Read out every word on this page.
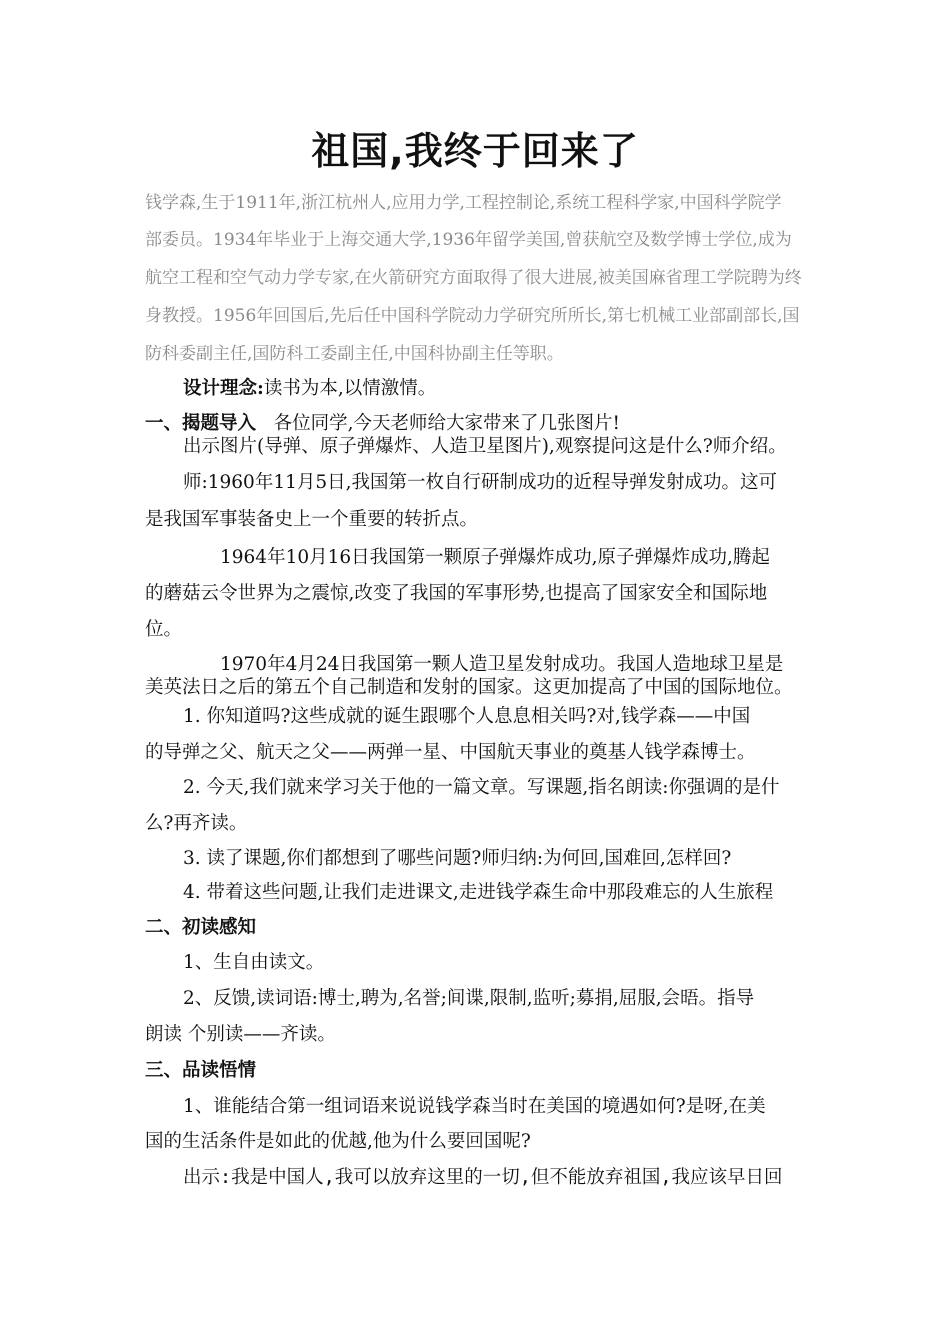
祖国,我终于回来了
钱学森,生于1911年,浙江杭州人,应用力学,工程控制论,系统工程科学家,中国科学院学
部委员。1934年毕业于上海交通大学,1936年留学美国,曾获航空及数学博士学位,成为
航空工程和空气动力学专家,在火箭研究方面取得了很大进展,被美国麻省理工学院聘为终
身教授。1956年回国后,先后任中国科学院动力学研究所所长,第七机械工业部副部长,国
防科委副主任,国防科工委副主任,中国科协副主任等职。
设计理念:读书为本,以情激情。
一、揭题导入 各位同学,今天老师给大家带来了几张图片!
出示图片(导弹、原子弹爆炸、人造卫星图片),观察提问这是什么?师介绍。
师:1960年11月5日,我国第一枚自行研制成功的近程导弹发射成功。这可
是我国军事装备史上一个重要的转折点。
1964年10月16日我国第一颗原子弹爆炸成功,原子弹爆炸成功,腾起
的蘑菇云令世界为之震惊,改变了我国的军事形势,也提高了国家安全和国际地
位。
1970年4月24日我国第一颗人造卫星发射成功。我国人造地球卫星是
美英法日之后的第五个自己制造和发射的国家。这更加提高了中国的国际地位。
1. 你知道吗?这些成就的诞生跟哪个人息息相关吗?对,钱学森——中国
的导弹之父、航天之父——两弹一星、中国航天事业的奠基人钱学森博士。
2. 今天,我们就来学习关于他的一篇文章。写课题,指名朗读:你强调的是什
么?再齐读。
3. 读了课题,你们都想到了哪些问题?师归纳:为何回,国难回,怎样回?
4. 带着这些问题,让我们走进课文,走进钱学森生命中那段难忘的人生旅程
二、初读感知
1、生自由读文。
2、反馈,读词语:博士,聘为,名誉;间谍,限制,监听;募捐,屈服,会晤。指导
朗读 个别读——齐读。
三、品读悟情
1、谁能结合第一组词语来说说钱学森当时在美国的境遇如何?是呀,在美
国的生活条件是如此的优越,他为什么要回国呢?
出示:我是中国人,我可以放弃这里的一切,但不能放弃祖国,我应该早日回
